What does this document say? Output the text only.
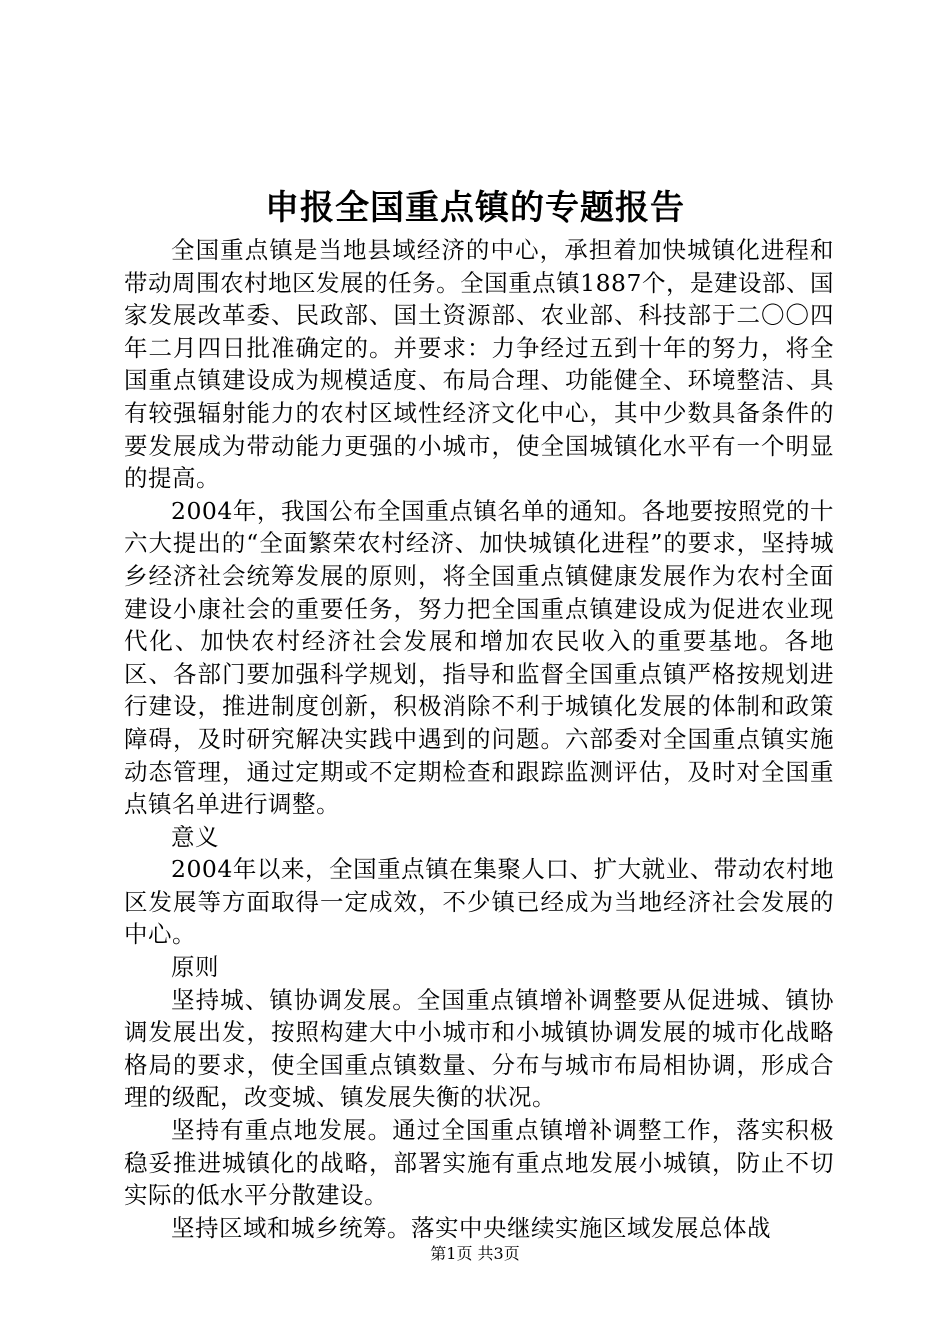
申报全国重点镇的专题报告

全国重点镇是当地县域经济的中心，承担着加快城镇化进程和带动周围农村地区发展的任务。全国重点镇1887个，是建设部、国家发展改革委、民政部、国土资源部、农业部、科技部于二〇〇四年二月四日批准确定的。并要求：力争经过五到十年的努力，将全国重点镇建设成为规模适度、布局合理、功能健全、环境整洁、具有较强辐射能力的农村区域性经济文化中心，其中少数具备条件的要发展成为带动能力更强的小城市，使全国城镇化水平有一个明显的提高。

2004年，我国公布全国重点镇名单的通知。各地要按照党的十六大提出的“全面繁荣农村经济、加快城镇化进程”的要求，坚持城乡经济社会统筹发展的原则，将全国重点镇健康发展作为农村全面建设小康社会的重要任务，努力把全国重点镇建设成为促进农业现代化、加快农村经济社会发展和增加农民收入的重要基地。各地区、各部门要加强科学规划，指导和监督全国重点镇严格按规划进行建设，推进制度创新，积极消除不利于城镇化发展的体制和政策障碍，及时研究解决实践中遇到的问题。六部委对全国重点镇实施动态管理，通过定期或不定期检查和跟踪监测评估，及时对全国重点镇名单进行调整。

意义

2004年以来，全国重点镇在集聚人口、扩大就业、带动农村地区发展等方面取得一定成效，不少镇已经成为当地经济社会发展的中心。

原则

坚持城、镇协调发展。全国重点镇增补调整要从促进城、镇协调发展出发，按照构建大中小城市和小城镇协调发展的城市化战略格局的要求，使全国重点镇数量、分布与城市布局相协调，形成合理的级配，改变城、镇发展失衡的状况。

坚持有重点地发展。通过全国重点镇增补调整工作，落实积极稳妥推进城镇化的战略，部署实施有重点地发展小城镇，防止不切实际的低水平分散建设。

坚持区域和城乡统筹。落实中央继续实施区域发展总体战

第1页 共3页
